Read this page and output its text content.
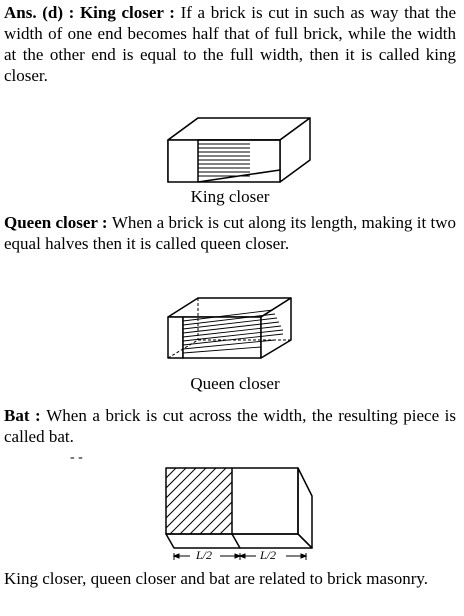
Ans. (d) : King closer : If a brick is cut in such as way that the width of one end becomes half that of full brick, while the width at the other end is equal to the full width, then it is called king closer.

King closer

Queen closer : When a brick is cut along its length, making it two equal halves then it is called queen closer.

Queen closer

Bat : When a brick is cut across the width, the resulting piece is called bat.

- -

L/2	L/2

King closer, queen closer and bat are related to brick masonry.
